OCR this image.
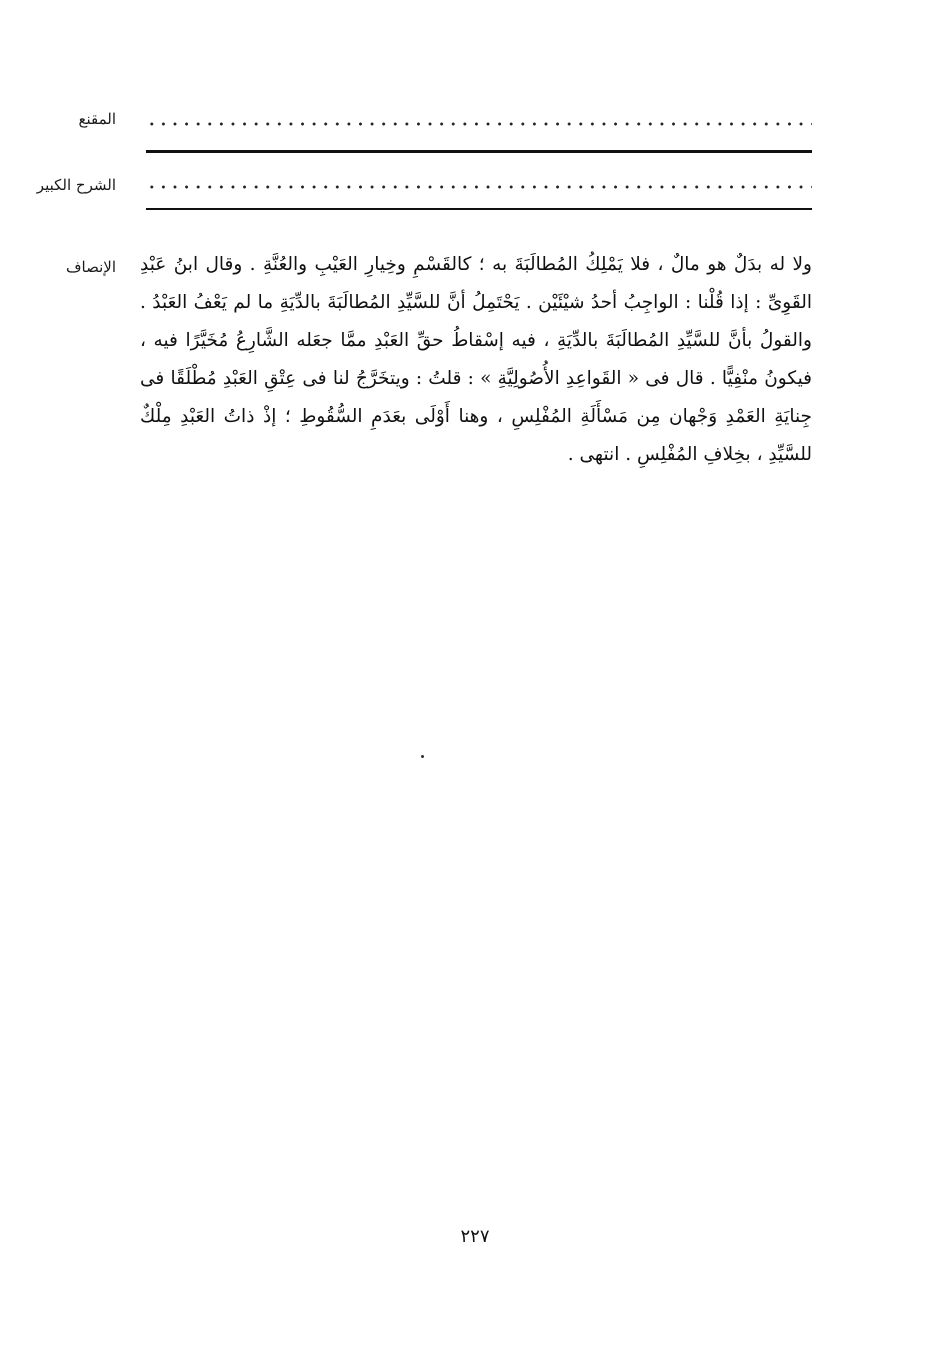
المقنع
الشرح الكبير
الإنصاف ولا له بدَلٌ هو مالٌ ، فلا يَمْلِكُ المُطالَبَةَ به ؛ كالقَسْمِ وخِيارِ العَيْبِ والعُنَّةِ . وقال ابنُ عَبْدِ القَوِىِّ : إذا قُلْنا : الواجِبُ أحدُ شيْئَيْن . يَحْتَمِلُ أنَّ للسَّيِّدِ المُطالَبَةَ بالدِّيَةِ ما لم يَعْفُ العَبْدُ . والقولُ بأنَّ للسَّيِّدِ المُطالَبَةَ بالدِّيَةِ ، فيه إسْقاطُ حقِّ العَبْدِ ممَّا جعَله الشَّارِعُ مُخَيَّرًا فيه ، فيكونُ منْفِيًّا . قال فى « القَواعِدِ الأُصُولِيَّةِ » : قلتُ : ويتخَرَّجُ لنا فى عِتْقِ العَبْدِ مُطْلَقًا فى جِنايَةِ العَمْدِ وَجْهان مِن مَسْأَلَةِ المُفْلِسِ ، وهنا أَوْلَى بعَدَمِ السُّقُوطِ ؛ إذْ ذاتُ العَبْدِ مِلْكٌ للسَّيِّدِ ، بخِلافِ المُفْلِسِ . انتهى .

٢٢٧
